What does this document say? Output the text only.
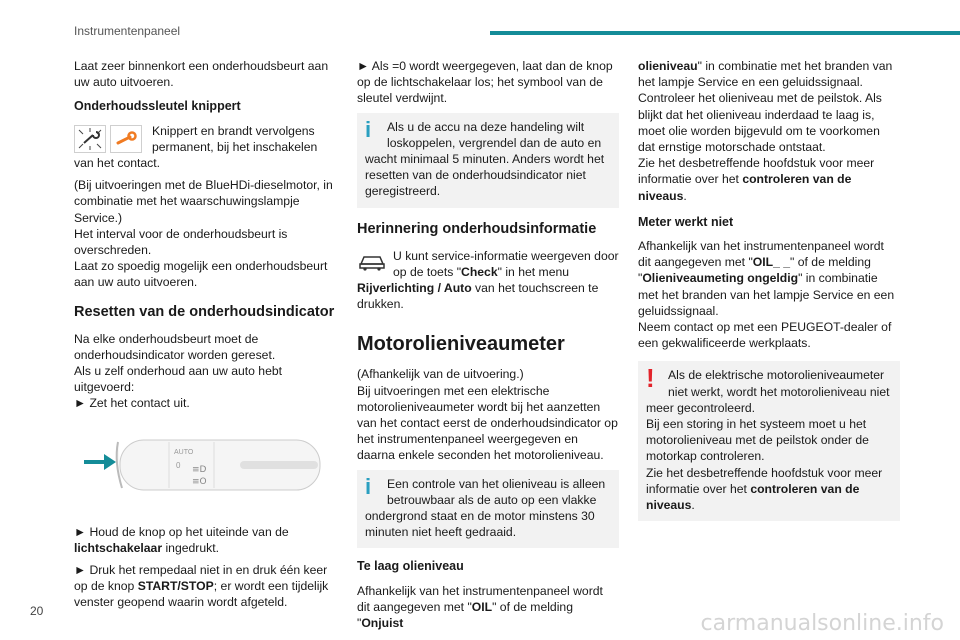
Instrumentenpaneel

Laat zeer binnenkort een onderhoudsbeurt aan uw auto uitvoeren.

Onderhoudssleutel knippert

Knippert en brandt vervolgens permanent, bij het inschakelen van het contact.

(Bij uitvoeringen met de BlueHDi-dieselmotor, in combinatie met het waarschuwingslampje Service.)

Het interval voor de onderhoudsbeurt is overschreden.

Laat zo spoedig mogelijk een onderhoudsbeurt aan uw auto uitvoeren.

Resetten van de onderhoudsindicator

Na elke onderhoudsbeurt moet de onderhoudsindicator worden gereset.

Als u zelf onderhoud aan uw auto hebt uitgevoerd:

► Zet het contact uit.

AUTO
0 ≡D
≡O

► Houd de knop op het uiteinde van de lichtschakelaar ingedrukt.

► Druk het rempedaal niet in en druk één keer op de knop START/STOP; er wordt een tijdelijk venster geopend waarin wordt afgeteld.

► Als =0 wordt weergegeven, laat dan de knop op de lichtschakelaar los; het symbool van de sleutel verdwijnt.

i	Als u de accu na deze handeling wilt loskoppelen, vergrendel dan de auto en wacht minimaal 5 minuten. Anders wordt het resetten van de onderhoudsindicator niet geregistreerd.
Herinnering onderhoudsinformatie

U kunt service-informatie weergeven door op de toets "Check" in het menu Rijverlichting / Auto van het touchscreen te drukken.

Motorolieniveaumeter

(Afhankelijk van de uitvoering.)

Bij uitvoeringen met een elektrische motorolieniveaumeter wordt bij het aanzetten van het contact eerst de onderhoudsindicator op het instrumentenpaneel weergegeven en daarna enkele seconden het motorolieniveau.

i	Een controle van het olieniveau is alleen betrouwbaar als de auto op een vlakke ondergrond staat en de motor minstens 30 minuten niet heeft gedraaid.
Te laag olieniveau

Afhankelijk van het instrumentenpaneel wordt dit aangegeven met "OIL" of de melding "Onjuist

olieniveau" in combinatie met het branden van het lampje Service en een geluidssignaal.

Controleer het olieniveau met de peilstok. Als blijkt dat het olieniveau inderdaad te laag is, moet olie worden bijgevuld om te voorkomen dat ernstige motorschade ontstaat.

Zie het desbetreffende hoofdstuk voor meer informatie over het controleren van de niveaus.

Meter werkt niet

Afhankelijk van het instrumentenpaneel wordt dit aangegeven met "OIL_ _" of de melding "Olieniveaumeting ongeldig" in combinatie met het branden van het lampje Service en een geluidssignaal.

Neem contact op met een PEUGEOT-dealer of een gekwalificeerde werkplaats.

!	Als de elektrische motorolieniveaumeter niet werkt, wordt het motorolieniveau niet meer gecontroleerd.
Bij een storing in het systeem moet u het motorolieniveau met de peilstok onder de motorkap controleren.
Zie het desbetreffende hoofdstuk voor meer informatie over het controleren van de niveaus.
20	carmanualsonline.info
